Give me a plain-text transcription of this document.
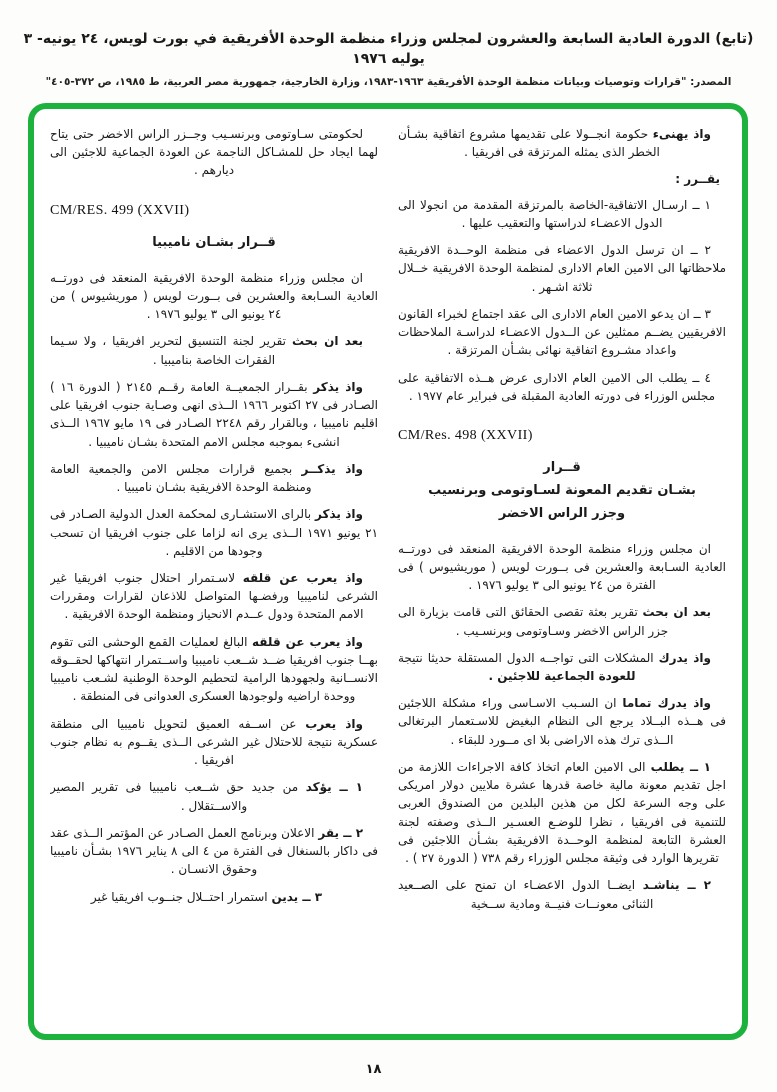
(تابع) الدورة العادية السابعة والعشرون لمجلس وزراء منظمة الوحدة الأفريقية في بورت لويس، ٢٤ يونيه- ٣ يوليه ١٩٧٦
المصدر: "قرارات وتوصيات وبيانات منظمة الوحدة الأفريقية ١٩٦٣-١٩٨٣، وزارة الخارجية، جمهورية مصر العربية، ط ١٩٨٥، ص ٣٧٢-٤٠٥"

واذ يهنىء حكومة انجــولا على تقديمها مشروع اتفاقية بشـأن الخطر الذى يمثله المرتزقة فى افريقيا .

يقــرر :

١ ــ ارسـال الاتفاقية-الخاصة بالمرتزقة المقدمة من انجولا الى الدول الاعضـاء لدراستها والتعقيب عليها .

٢ ــ ان ترسل الدول الاعضاء فى منظمة الوحــدة الافريقية ملاحظاتها الى الامين العام الادارى لمنظمة الوحدة الافريقية خــلال ثلاثة اشـهر .

٣ ــ ان يدعو الامين العام الادارى الى عقد اجتماع لخبراء القانون الافريقيين يضــم ممثلين عن الــدول الاعضـاء لدراسـة الملاحظات واعداد مشـروع اتفاقية نهائى بشـأن المرتزقة .

٤ ــ يطلب الى الامين العام الادارى عرض هــذه الاتفاقية على مجلس الوزراء فى دورته العادية المقبلة فى فبراير عام ١٩٧٧ .

CM/Res. 498 (XXVII)
قــرار
بشـان تقديم المعونة لسـاوتومى وبرنسيب
وجزر الراس الاخضر

ان مجلس وزراء منظمة الوحدة الافريقية المنعقد فى دورتــه العادية السـابعة والعشرين فى بــورت لويس ( موريشيوس ) فى الفترة من ٢٤ يونيو الى ٣ يوليو ١٩٧٦ .

بعد ان بحث تقرير بعثة تقصى الحقائق التى قامت بزيارة الى جزر الراس الاخضر وسـاوتومى وبرنسـيب .

واذ يدرك المشكلات التى تواجــه الدول المستقلة حديثا نتيجة للعودة الجماعية للاجئين .

واذ يدرك تماما ان السـبب الاسـاسى وراء مشكلة اللاجئين فى هــذه البــلاد يرجع الى النظام البغيض للاسـتعمار البرتغالى الــذى ترك هذه الاراضى بلا اى مــورد للبقاء .

١ ــ يطلب الى الامين العام اتخاذ كافة الاجراءات اللازمة من اجل تقديم معونة مالية خاصة قدرها عشرة ملايين دولار امريكى على وجه السرعة لكل من هذين البلدين من الصندوق العربى للتنمية فى افريقيا ، نظرا للوضـع العسـير الــذى وصفته لجنة العشرة التابعة لمنظمة الوحــدة الافريقية بشـأن اللاجئين فى تقريرها الوارد فى وثيقة مجلس الوزراء رقم ٧٣٨ ( الدورة ٢٧ ) .

٢ ــ يناشـد ايضــا الدول الاعضـاء ان تمنح على الصــعيد الثنائى معونــات فنيــة ومادية ســخية

لحكومتى سـاوتومى وبرنسـيب وجــزر الراس الاخضر حتى يتاح لهما ايجاد حل للمشـاكل الناجمة عن العودة الجماعية للاجئين الى ديارهم .

CM/RES. 499 (XXVII)
قــرار بشـان ناميبيا

ان مجلس وزراء منظمة الوحدة الافريقية المنعقد فى دورتــه العادية السـابعة والعشرين فى بــورت لويس ( موريشيوس ) من ٢٤ يونيو الى ٣ يوليو ١٩٧٦ .

بعد ان بحث تقرير لجنة التنسيق لتحرير افريقيا ، ولا سـيما الفقرات الخاصة بناميبيا .

واذ يذكر بقــرار الجمعيــة العامة رقــم ٢١٤٥ ( الدورة ١٦ ) الصـادر فى ٢٧ اكتوبر ١٩٦٦ الــذى انهى وصـاية جنوب افريقيا على اقليم ناميبيا ، وبالقرار رقم ٢٢٤٨ الصـادر فى ١٩ مايو ١٩٦٧ الــذى انشىء بموجبه مجلس الامم المتحدة بشـان ناميبيا .

واذ يذكــر بجميع قرارات مجلس الامن والجمعية العامة ومنظمة الوحدة الافريقية بشـان ناميبيا .

واذ يذكر بالراى الاستشـارى لمحكمة العدل الدولية الصـادر فى ٢١ يونيو ١٩٧١ الــذى يرى انه لزاما على جنوب افريقيا ان تسحب وجودها من الاقليم .

واذ يعرب عن قلقه لاسـتمرار احتلال جنوب افريقيا غير الشرعى لناميبيا ورفضـها المتواصل للاذعان لقرارات ومقررات الامم المتحدة ودول عــدم الانحياز ومنظمة الوحدة الافريقية .

واذ يعرب عن قلقه البالغ لعمليات القمع الوحشى التى تقوم بهــا جنوب افريقيا ضــد شــعب ناميبيا واســتمرار انتهاكها لحقــوقه الانســانية ولجهودها الرامية لتحطيم الوحدة الوطنية لشـعب ناميبيا ووحدة اراضيه ولوجودها العسكرى العدوانى فى المنطقة .

واذ يعرب عن اســفه العميق لتحويل ناميبيا الى منطقة عسكرية نتيجة للاحتلال غير الشرعى الــذى يقــوم به نظام جنوب افريقيا .

١ ــ يؤكد من جديد حق شــعب ناميبيا فى تقرير المصير والاســتقلال .

٢ ــ يقر الاعلان وبرنامج العمل الصـادر عن المؤتمر الــذى عقد فى داكار بالسنغال فى الفترة من ٤ الى ٨ يناير ١٩٧٦ بشـأن ناميبيا وحقوق الانسـان .

٣ ــ يدين استمرار احتــلال جنــوب افريقيا غير

١٨
